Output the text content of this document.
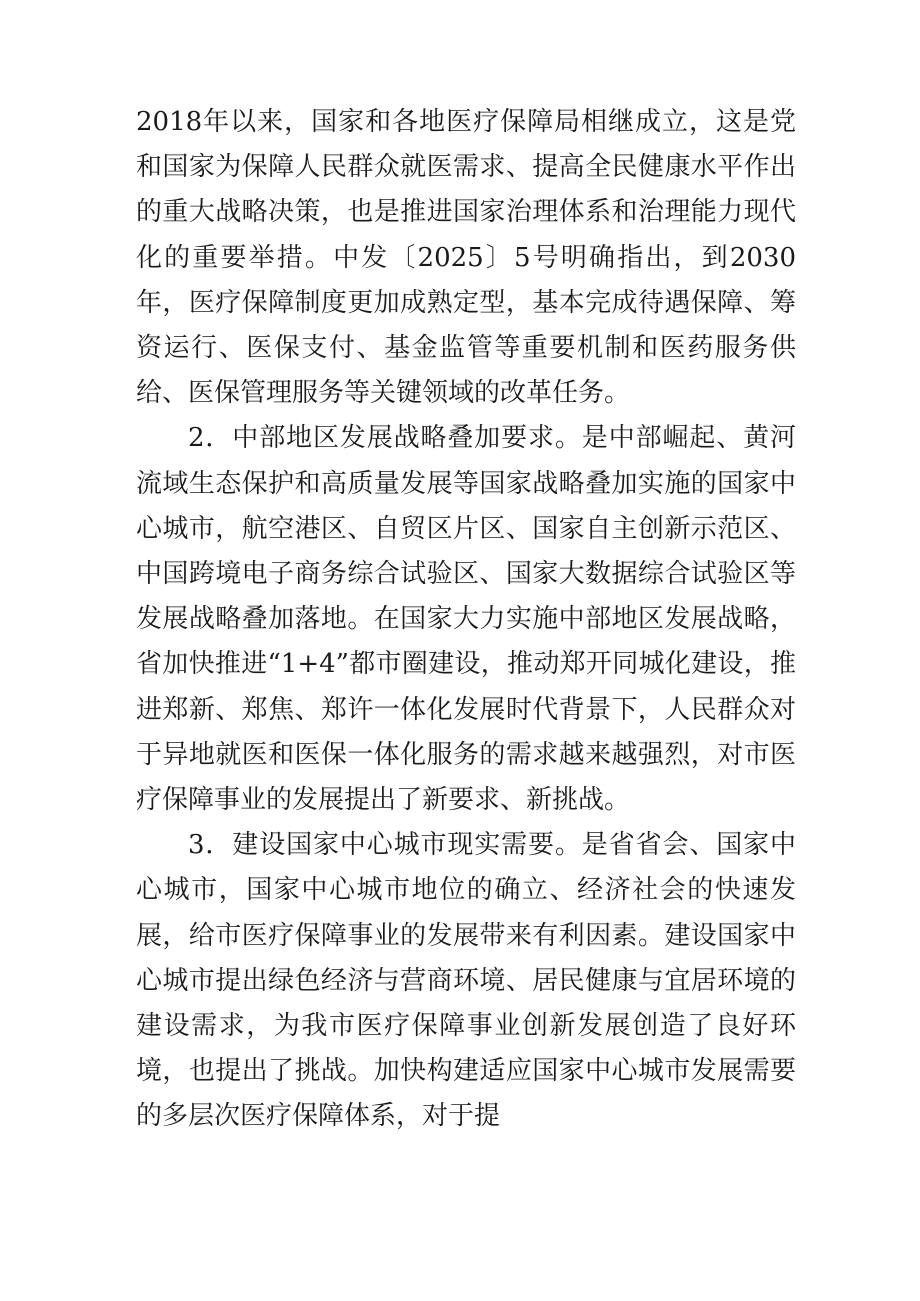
2018年以来，国家和各地医疗保障局相继成立，这是党和国家为保障人民群众就医需求、提高全民健康水平作出的重大战略决策，也是推进国家治理体系和治理能力现代化的重要举措。中发〔2025〕5号明确指出，到2030年，医疗保障制度更加成熟定型，基本完成待遇保障、筹资运行、医保支付、基金监管等重要机制和医药服务供给、医保管理服务等关键领域的改革任务。

2．中部地区发展战略叠加要求。是中部崛起、黄河流域生态保护和高质量发展等国家战略叠加实施的国家中心城市，航空港区、自贸区片区、国家自主创新示范区、中国跨境电子商务综合试验区、国家大数据综合试验区等发展战略叠加落地。在国家大力实施中部地区发展战略，省加快推进“1+4”都市圈建设，推动郑开同城化建设，推进郑新、郑焦、郑许一体化发展时代背景下，人民群众对于异地就医和医保一体化服务的需求越来越强烈，对市医疗保障事业的发展提出了新要求、新挑战。

3．建设国家中心城市现实需要。是省省会、国家中心城市，国家中心城市地位的确立、经济社会的快速发展，给市医疗保障事业的发展带来有利因素。建设国家中心城市提出绿色经济与营商环境、居民健康与宜居环境的建设需求，为我市医疗保障事业创新发展创造了良好环境，也提出了挑战。加快构建适应国家中心城市发展需要的多层次医疗保障体系，对于提
